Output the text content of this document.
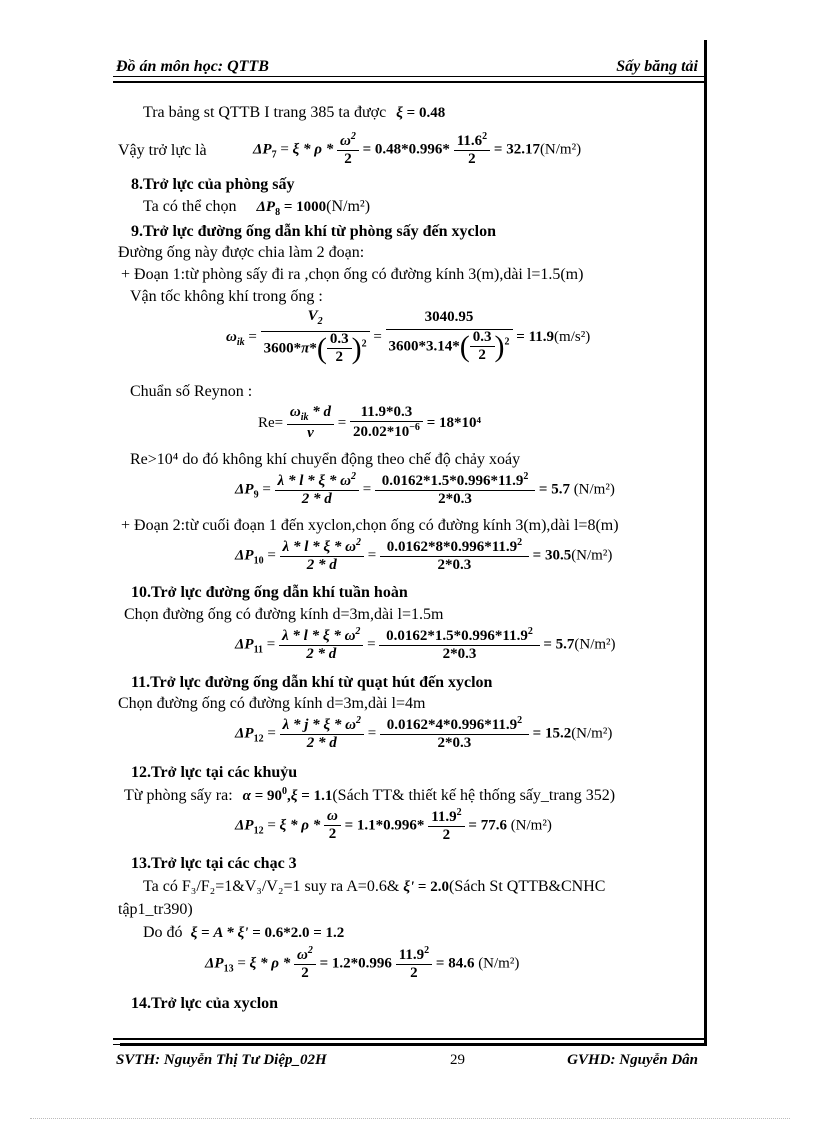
Đồ án môn học: QTTB	Sấy băng tải
Tra bảng st QTTB I trang 385 ta được ξ = 0.48
Vậy trở lực là	$\Delta P_7 = \xi * \rho * \frac{\omega^2}{2} = 0.48*0.996* \frac{11.6^2}{2} = 32.17(N/m^2)$
8.Trở lực của phòng sấy
Ta có thể chọn $\Delta P_8 = 1000(N/m^2)$
9.Trở lực đường ống dẫn khí từ phòng sấy đến xyclon
Đường ống này được chia làm 2 đoạn:
+ Đoạn 1:từ phòng sấy đi ra ,chọn ống có đường kính 3(m),dài l=1.5(m)
Vận tốc không khí trong ống :
$\omega_{ik} = \frac{V_2}{3600*\pi*( \frac{0.3}{2} )^2} = \frac{3040.95}{3600*3.14*( \frac{0.3}{2} )^2} = 11.9(m/s^2)$
Chuẩn số Reynon :
$Re= \frac{\omega_{ik} * d}{\nu} = \frac{11.9*0.3}{20.02*10^{-6}} = 18*10^4$
Re>10⁴ do đó không khí chuyển động theo chế độ chảy xoáy
$\Delta P_9 = \frac{\lambda * l * \xi * \omega^2}{2 * d} = \frac{0.0162*1.5*0.996*11.9^2}{2*0.3} = 5.7$ (N/m²)
+ Đoạn 2:từ cuối đoạn 1 đến xyclon,chọn ống có đường kính 3(m),dài l=8(m)
$\Delta P_{10} = \frac{\lambda * l * \xi * \omega^2}{2 * d} = \frac{0.0162*8*0.996*11.9^2}{2*0.3} = 30.5(N/m^2)$
10.Trở lực đường ống dẫn khí tuần hoàn
Chọn đường ống có đường kính d=3m,dài l=1.5m
$\Delta P_{11} = \frac{\lambda * l * \xi * \omega^2}{2 * d} = \frac{0.0162*1.5*0.996*11.9^2}{2*0.3} = 5.7(N/m^2)$
11.Trở lực đường ống dẫn khí từ quạt hút đến xyclon
Chọn đường ống có đường kính d=3m,dài l=4m
$\Delta P_{12} = \frac{\lambda * j * \xi * \omega^2}{2 * d} = \frac{0.0162*4*0.996*11.9^2}{2*0.3} = 15.2(N/m^2)$
12.Trở lực tại các khuỷu
Từ phòng sấy ra: $\alpha = 90^0,\xi$ = 1.1(Sách TT& thiết kế hệ thống sấy_trang 352)
$\Delta P_{12} = \xi * \rho * \frac{\omega}{2} = 1.1*0.996* \frac{11.9^2}{2} = 77.6$ (N/m²)
13.Trở lực tại các chạc 3
Ta có F₃/F₂=1&V₃/V₂=1 suy ra A=0.6& ξ' = 2.0(Sách St QTTB&CNHC
tập1_tr390)
Do đó ξ = A * ξ' = 0.6*2.0 = 1.2
$\Delta P_{13} = \xi * \rho * \frac{\omega^2}{2} = 1.2*0.996 \frac{11.9^2}{2} = 84.6$ (N/m²)
14.Trở lực của xyclon
SVTH: Nguyễn Thị Tư Diệp_02H	29	GVHD: Nguyễn Dân
